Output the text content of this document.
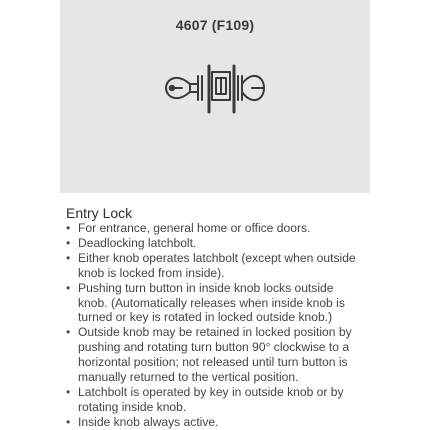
4607 (F109)
Entry Lock
• For entrance, general home or office doors.
• Deadlocking latchbolt.
• Either knob operates latchbolt (except when outside knob is locked from inside).
• Pushing turn button in inside knob locks outside knob. (Automatically releases when inside knob is turned or key is rotated in locked outside knob.)
• Outside knob may be retained in locked position by pushing and rotating turn button 90° clockwise to a horizontal position; not released until turn button is manually returned to the vertical position.
• Latchbolt is operated by key in outside knob or by rotating inside knob.
• Inside knob always active.
